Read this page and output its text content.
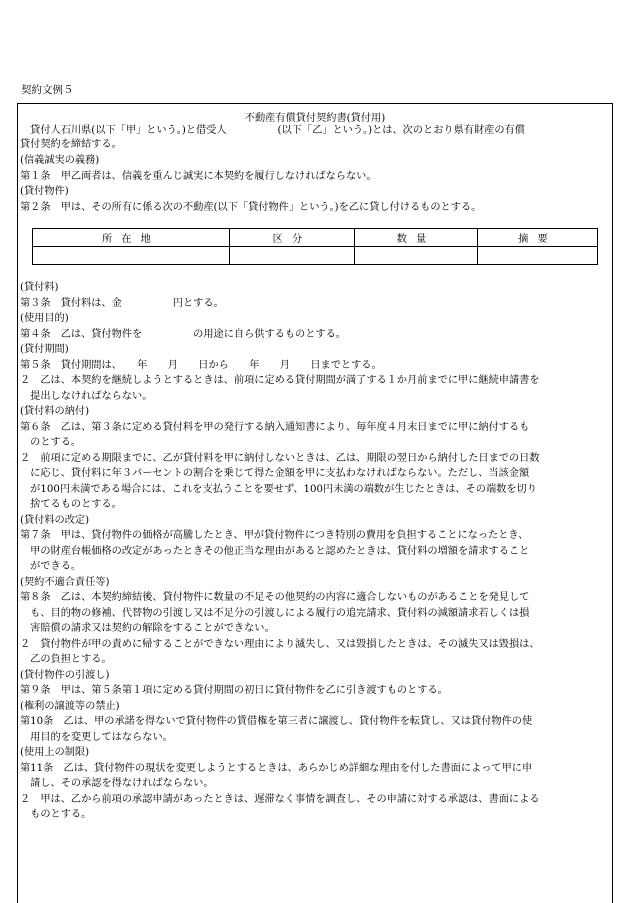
契約文例５
不動産有償貸付契約書(貸付用)
　貸付人石川県(以下「甲」という。)と借受人　　　　　(以下「乙」という。)とは、次のとおり県有財産の有償
貸付契約を締結する。
(信義誠実の義務)
第１条　甲乙両者は、信義を重んじ誠実に本契約を履行しなければならない。
(貸付物件)
第２条　甲は、その所有に係る次の不動産(以下「貸付物件」という。)を乙に貸し付けるものとする。
所在地	区分	数量	摘要

(貸付料)
第３条　貸付料は、金　　　　　円とする。
(使用目的)
第４条　乙は、貸付物件を　　　　　の用途に自ら供するものとする。
(貸付期間)
第５条　貸付期間は、　　年　　月　　日から　　年　　月　　日までとする。
２　乙は、本契約を継続しようとするときは、前項に定める貸付期間が満了する１か月前までに甲に継続申請書を
　提出しなければならない。
(貸付料の納付)
第６条　乙は、第３条に定める貸付料を甲の発行する納入通知書により、毎年度４月末日までに甲に納付するも
　のとする。
２　前項に定める期限までに、乙が貸付料を甲に納付しないときは、乙は、期限の翌日から納付した日までの日数
　に応じ、貸付料に年３パーセントの割合を乗じて得た金額を甲に支払わなければならない。ただし、当該金額
　が100円未満である場合には、これを支払うことを要せず、100円未満の端数が生じたときは、その端数を切り
　捨てるものとする。
(貸付料の改定)
第７条　甲は、貸付物件の価格が高騰したとき、甲が貸付物件につき特別の費用を負担することになったとき、
　甲の財産台帳価格の改定があったときその他正当な理由があると認めたときは、貸付料の増額を請求すること
　ができる。
(契約不適合責任等)
第８条　乙は、本契約締結後、貸付物件に数量の不足その他契約の内容に適合しないものがあることを発見して
　も、目的物の修補、代替物の引渡し又は不足分の引渡しによる履行の追完請求、貸付料の減額請求若しくは損
　害賠償の請求又は契約の解除をすることができない。
２　貸付物件が甲の責めに帰することができない理由により滅失し、又は毀損したときは、その滅失又は毀損は、
　乙の負担とする。
(貸付物件の引渡し)
第９条　甲は、第５条第１項に定める貸付期間の初日に貸付物件を乙に引き渡すものとする。
(権利の譲渡等の禁止)
第10条　乙は、甲の承諾を得ないで貸付物件の賃借権を第三者に譲渡し、貸付物件を転貸し、又は貸付物件の使
　用目的を変更してはならない。
(使用上の制限)
第11条　乙は、貸付物件の現状を変更しようとするときは、あらかじめ詳細な理由を付した書面によって甲に申
　請し、その承認を得なければならない。
２　甲は、乙から前項の承認申請があったときは、遅滞なく事情を調査し、その申請に対する承認は、書面による
　ものとする。
